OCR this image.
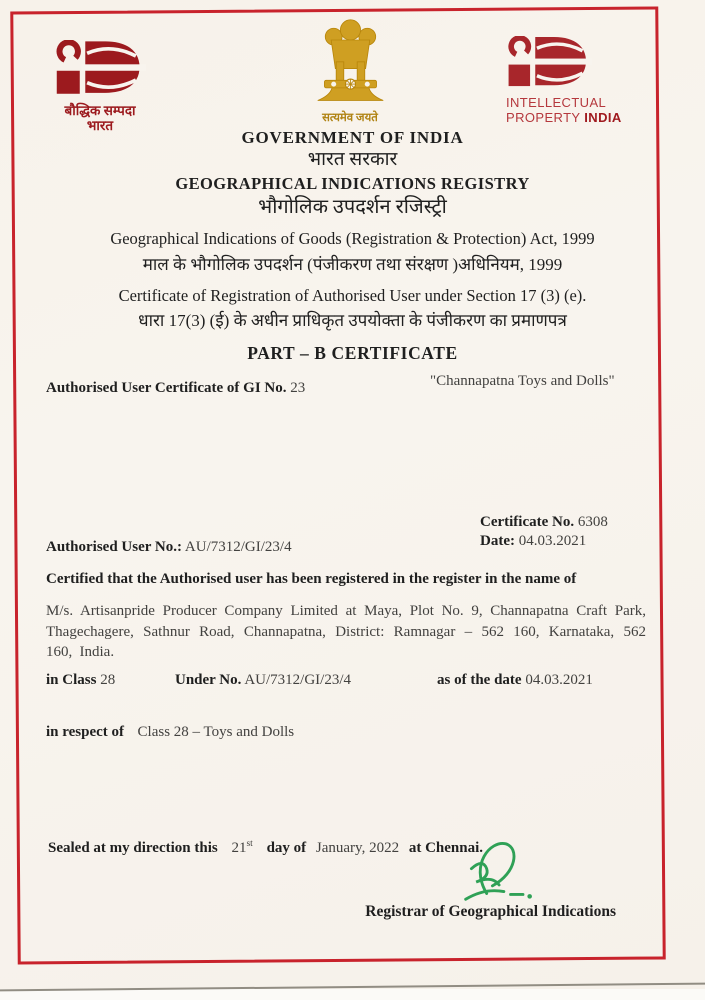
बौद्धिक सम्पदा
भारत	सत्यमेव जयते
INTELLECTUAL
PROPERTY INDIA
GOVERNMENT OF INDIA
भारत सरकार
GEOGRAPHICAL INDICATIONS REGISTRY
भौगोलिक उपदर्शन रजिस्ट्री
Geographical Indications of Goods (Registration & Protection) Act, 1999
माल के भौगोलिक उपदर्शन (पंजीकरण तथा संरक्षण )अधिनियम, 1999
Certificate of Registration of Authorised User under Section 17 (3) (e).
धारा 17(3) (ई) के अधीन प्राधिकृत उपयोक्ता के पंजीकरण का प्रमाणपत्र
PART – B CERTIFICATE
Authorised User Certificate of GI No. 23	"Channapatna Toys and Dolls"
Certificate No. 6308
Date: 04.03.2021
Authorised User No.: AU/7312/GI/23/4
Certified that the Authorised user has been registered in the register in the name of
M/s. Artisanpride Producer Company Limited at Maya, Plot No. 9, Channapatna Craft Park, Thagechagere, Sathnur Road, Channapatna, District: Ramnagar – 562 160, Karnataka, 562 160, India.
in Class 28	Under No. AU/7312/GI/23/4	as of the date 04.03.2021
in respect of Class 28 – Toys and Dolls
Sealed at my direction this 21st day of January, 2022 at Chennai.
Registrar of Geographical Indications
